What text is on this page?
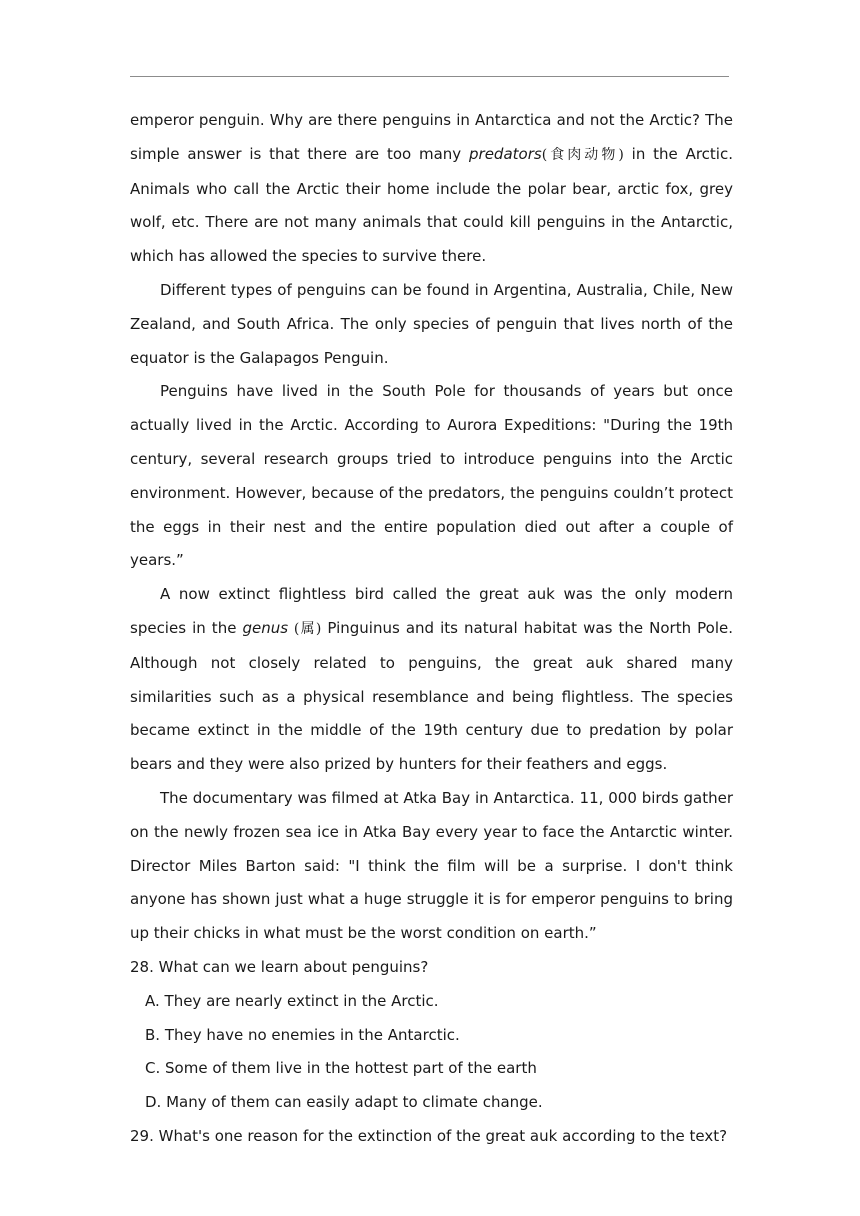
emperor penguin. Why are there penguins in Antarctica and not the Arctic? The simple answer is that there are too many predators(食肉动物) in the Arctic. Animals who call the Arctic their home include the polar bear, arctic fox, grey wolf, etc. There are not many animals that could kill penguins in the Antarctic, which has allowed the species to survive there.

Different types of penguins can be found in Argentina, Australia, Chile, New Zealand, and South Africa. The only species of penguin that lives north of the equator is the Galapagos Penguin.

Penguins have lived in the South Pole for thousands of years but once actually lived in the Arctic. According to Aurora Expeditions: "During the 19th century, several research groups tried to introduce penguins into the Arctic environment. However, because of the predators, the penguins couldn’t protect the eggs in their nest and the entire population died out after a couple of years.”

A now extinct flightless bird called the great auk was the only modern species in the genus (属) Pinguinus and its natural habitat was the North Pole. Although not closely related to penguins, the great auk shared many similarities such as a physical resemblance and being flightless. The species became extinct in the middle of the 19th century due to predation by polar bears and they were also prized by hunters for their feathers and eggs.

The documentary was filmed at Atka Bay in Antarctica. 11, 000 birds gather on the newly frozen sea ice in Atka Bay every year to face the Antarctic winter. Director Miles Barton said: "I think the film will be a surprise. I don't think anyone has shown just what a huge struggle it is for emperor penguins to bring up their chicks in what must be the worst condition on earth.”

28. What can we learn about penguins?

A. They are nearly extinct in the Arctic.

B. They have no enemies in the Antarctic.

C. Some of them live in the hottest part of the earth

D. Many of them can easily adapt to climate change.

29. What's one reason for the extinction of the great auk according to the text?
